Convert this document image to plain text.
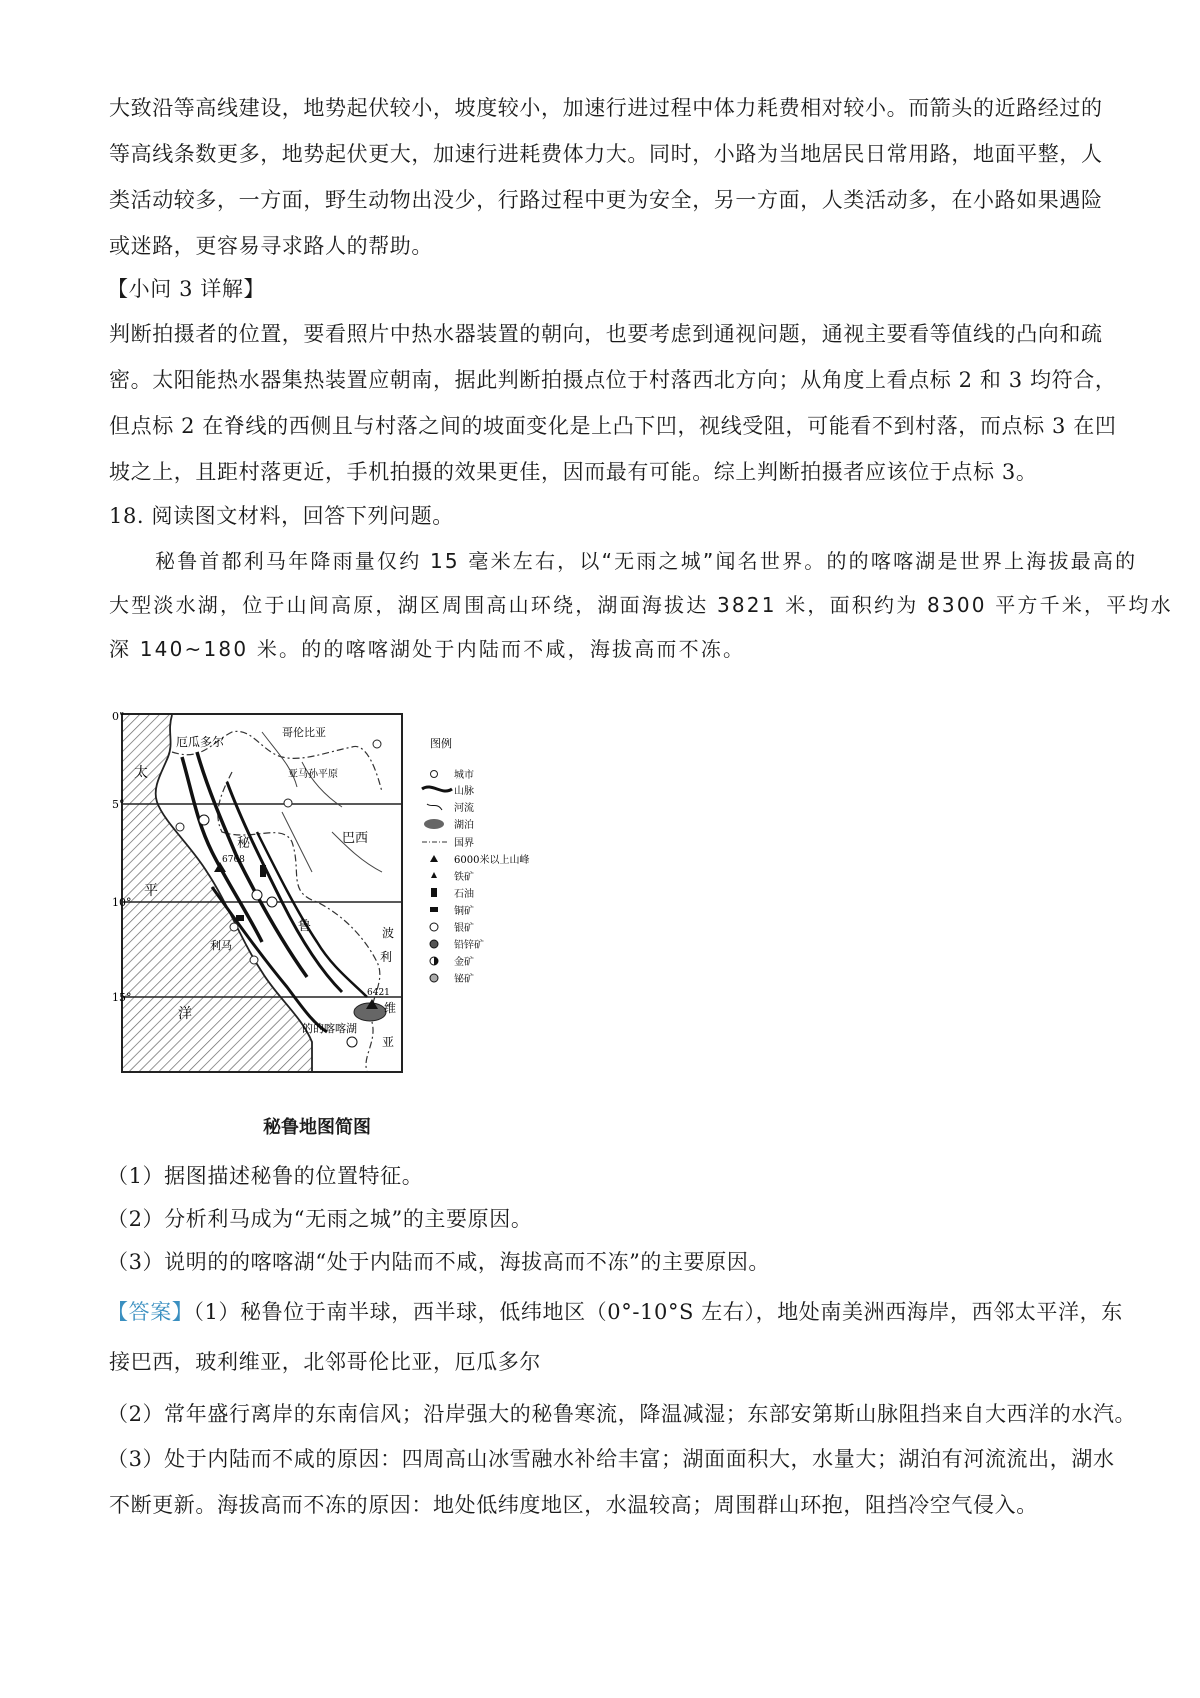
大致沿等高线建设，地势起伏较小，坡度较小，加速行进过程中体力耗费相对较小。而箭头的近路经过的
等高线条数更多，地势起伏更大，加速行进耗费体力大。同时，小路为当地居民日常用路，地面平整，人
类活动较多，一方面，野生动物出没少，行路过程中更为安全，另一方面，人类活动多，在小路如果遇险
或迷路，更容易寻求路人的帮助。
【小问 3 详解】
判断拍摄者的位置，要看照片中热水器装置的朝向，也要考虑到通视问题，通视主要看等值线的凸向和疏
密。太阳能热水器集热装置应朝南，据此判断拍摄点位于村落西北方向；从角度上看点标 2 和 3 均符合，
但点标 2 在脊线的西侧且与村落之间的坡面变化是上凸下凹，视线受阻，可能看不到村落，而点标 3 在凹
坡之上，且距村落更近，手机拍摄的效果更佳，因而最有可能。综上判断拍摄者应该位于点标 3。
18. 阅读图文材料，回答下列问题。
秘鲁首都利马年降雨量仅约 15 毫米左右，以“无雨之城”闻名世界。的的喀喀湖是世界上海拔最高的
大型淡水湖，位于山间高原，湖区周围高山环绕，湖面海拔达 3821 米，面积约为 8300 平方千米，平均水
深 140~180 米。的的喀喀湖处于内陆而不咸，海拔高而不冻。
0°
5°
10°
15°
太
平
洋
厄瓜多尔
哥伦比亚
亚马孙平原
巴西
秘
鲁	波
利
维
亚
利马
的的喀喀湖
6768
6421
图例
城市
山脉
河流
湖泊
国界
6000米以上山峰
铁矿
石油
铜矿
银矿
铅锌矿
金矿
铋矿
秘鲁地图简图
（1）据图描述秘鲁的位置特征。
（2）分析利马成为“无雨之城”的主要原因。
（3）说明的的喀喀湖“处于内陆而不咸，海拔高而不冻”的主要原因。
【答案】（1）秘鲁位于南半球，西半球，低纬地区（0°-10°S 左右），地处南美洲西海岸，西邻太平洋，东
接巴西，玻利维亚，北邻哥伦比亚，厄瓜多尔
（2）常年盛行离岸的东南信风；沿岸强大的秘鲁寒流，降温减湿；东部安第斯山脉阻挡来自大西洋的水汽。
（3）处于内陆而不咸的原因：四周高山冰雪融水补给丰富；湖面面积大，水量大；湖泊有河流流出，湖水
不断更新。海拔高而不冻的原因：地处低纬度地区，水温较高；周围群山环抱，阻挡冷空气侵入。
